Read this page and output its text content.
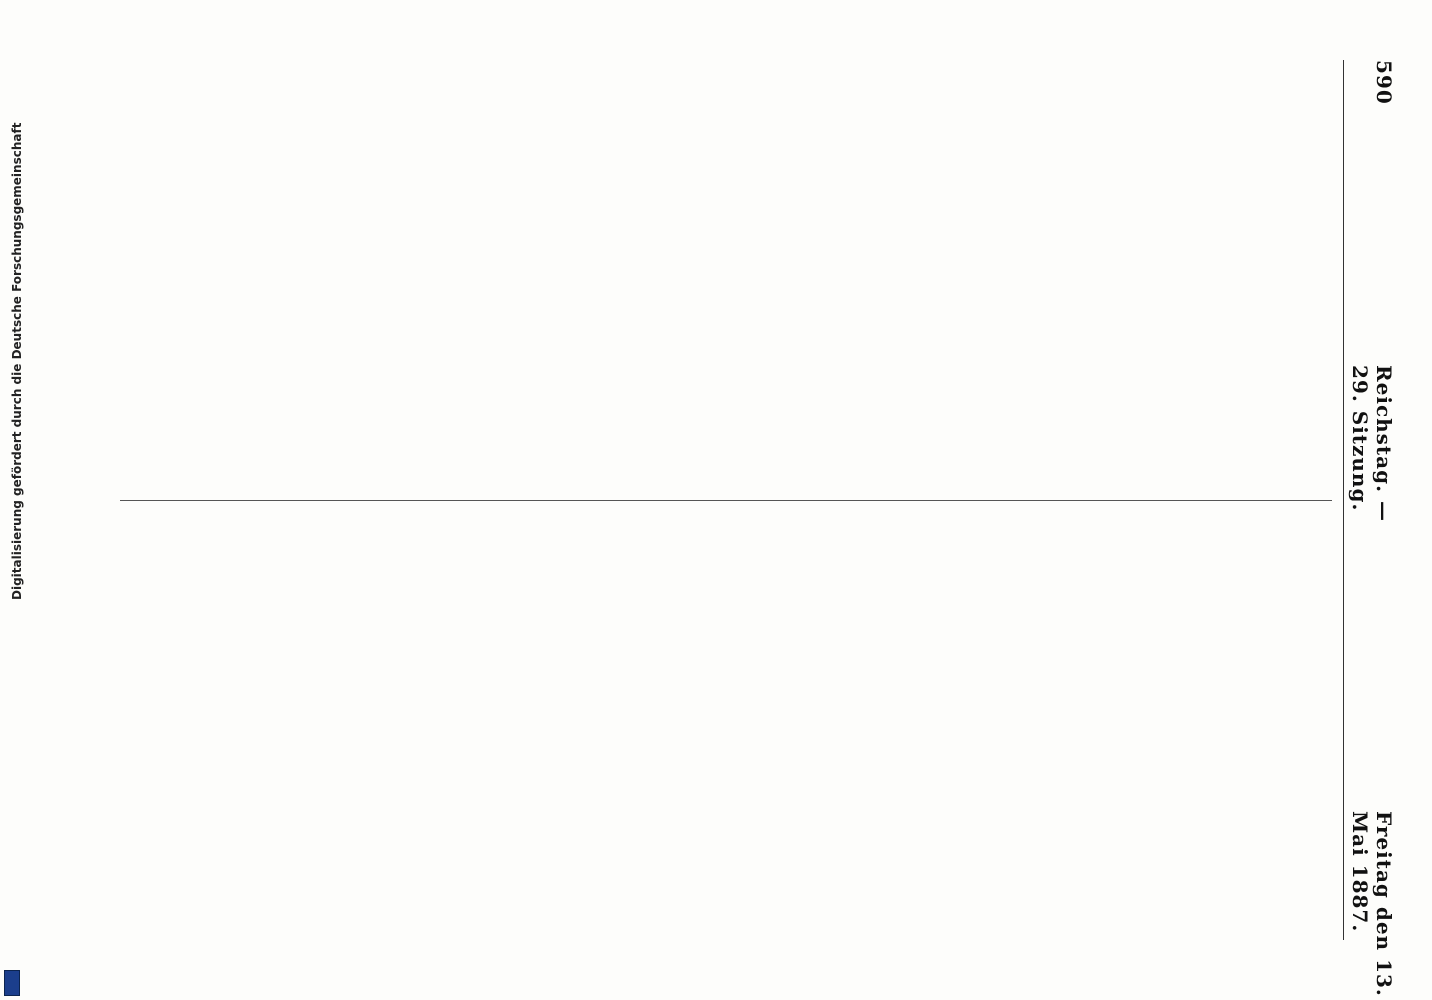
590
Reichstag. — 29. Sitzung.
Freitag den 13. Mai 1887.
Digitalisierung gefördert durch die Deutsche Forschungsgemeinschaft
